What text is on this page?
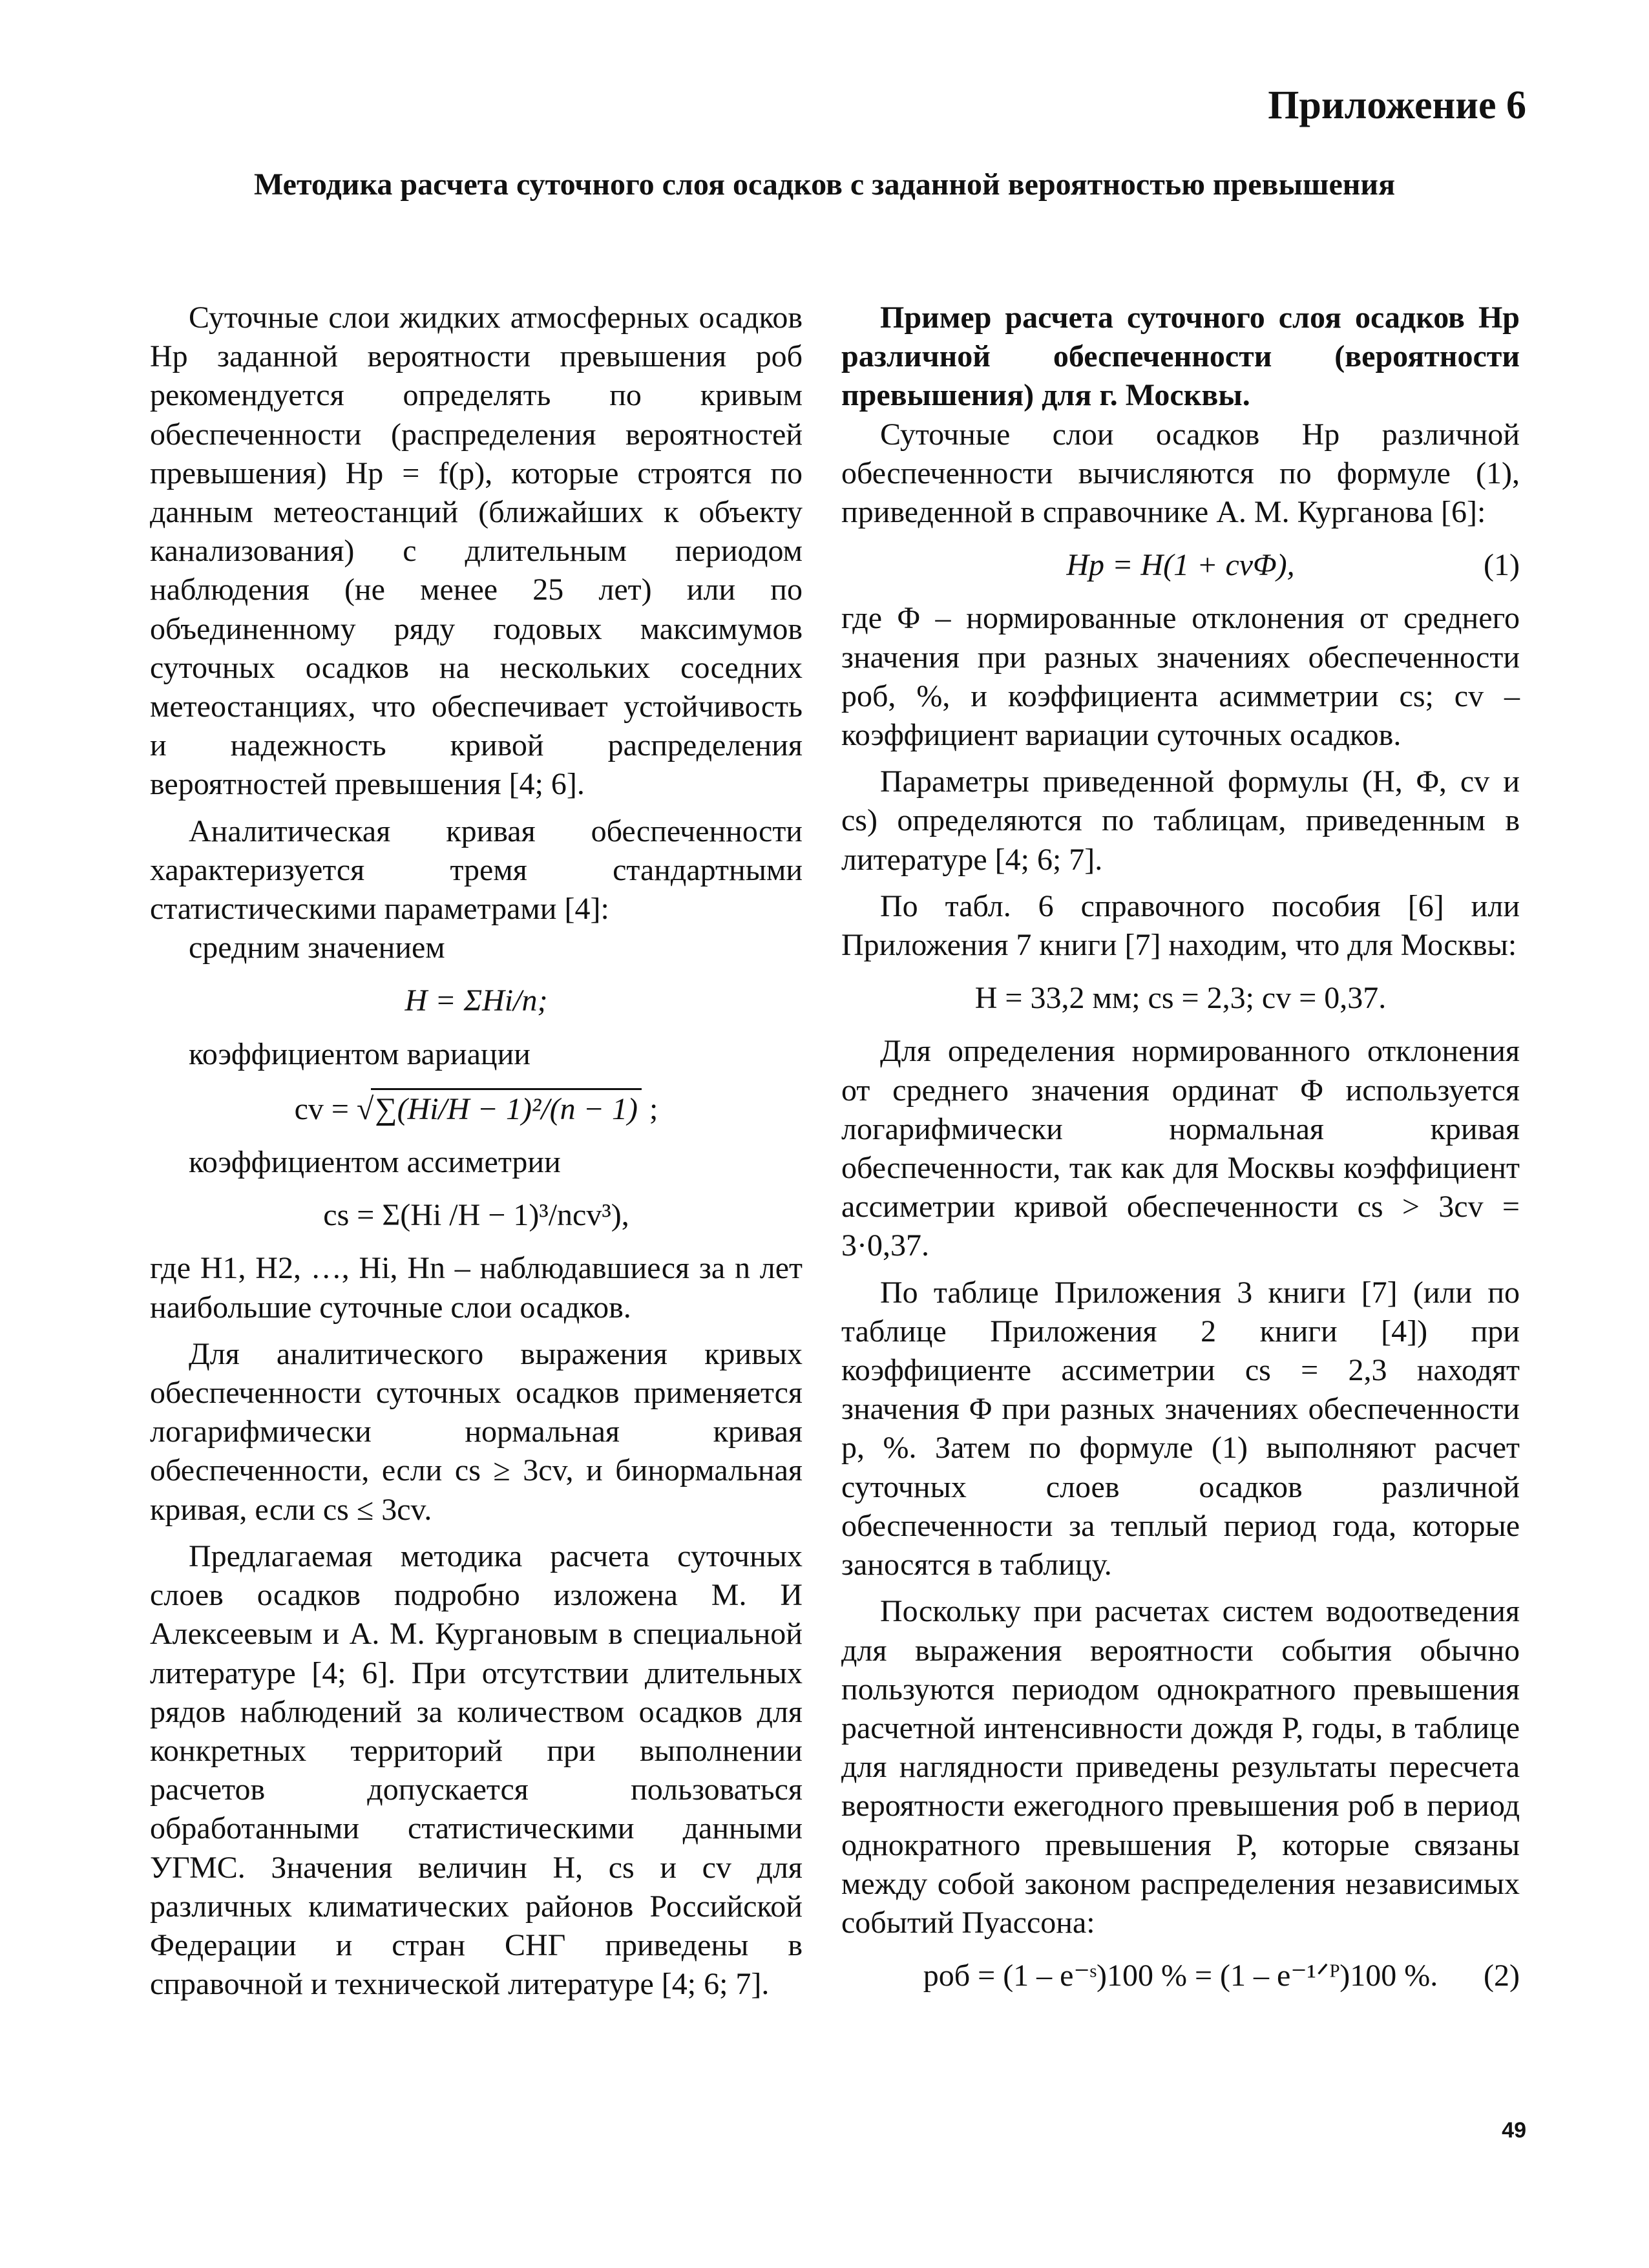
Приложение 6
Методика расчета суточного слоя осадков с заданной вероятностью превышения

Суточные слои жидких атмосферных осадков Hp заданной вероятности превышения pоб рекомендуется определять по кривым обеспеченности (распределения вероятностей превышения) Hp = f(p), которые строятся по данным метеостанций (ближайших к объекту канализования) с длительным периодом наблюдения (не менее 25 лет) или по объединенному ряду годовых максимумов суточных осадков на нескольких соседних метеостанциях, что обеспечивает устойчивость и надежность кривой распределения вероятностей превышения [4; 6].

Аналитическая кривая обеспеченности характеризуется тремя стандартными статистическими параметрами [4]:

средним значением

H = ΣHi/n;

коэффициентом вариации

cv = √∑(Hi/H − 1)²/(n − 1) ;

коэффициентом ассиметрии

cs = Σ(Hi /H − 1)³/ncv³),

где H1, H2, …, Hi, Hn – наблюдавшиеся за n лет наибольшие суточные слои осадков.

Для аналитического выражения кривых обеспеченности суточных осадков применяется логарифмически нормальная кривая обеспеченности, если cs ≥ 3cv, и бинормальная кривая, если cs ≤ 3cv.

Предлагаемая методика расчета суточных слоев осадков подробно изложена М. И Алексеевым и А. М. Кургановым в специальной литературе [4; 6]. При отсутствии длительных рядов наблюдений за количеством осадков для конкретных территорий при выполнении расчетов допускается пользоваться обработанными статистическими данными УГМС. Значения величин H, cs и cv для различных климатических районов Российской Федерации и стран СНГ приведены в справочной и технической литературе [4; 6; 7].

Пример расчета суточного слоя осадков Hp различной обеспеченности (вероятности превышения) для г. Москвы.

Суточные слои осадков Hp различной обеспеченности вычисляются по формуле (1), приведенной в справочнике А. М. Курганова [6]:

Hp = H(1 + cvΦ),	(1)

где Φ – нормированные отклонения от среднего значения при разных значениях обеспеченности pоб, %, и коэффициента асимметрии cs; cv – коэффициент вариации суточных осадков.

Параметры приведенной формулы (H, Φ, cv и cs) определяются по таблицам, приведенным в литературе [4; 6; 7].

По табл. 6 справочного пособия [6] или Приложения 7 книги [7] находим, что для Москвы:

H = 33,2 мм; cs = 2,3; cv = 0,37.

Для определения нормированного отклонения от среднего значения ординат Φ используется логарифмически нормальная кривая обеспеченности, так как для Москвы коэффициент ассиметрии кривой обеспеченности cs > 3cv = 3·0,37.

По таблице Приложения 3 книги [7] (или по таблице Приложения 2 книги [4]) при коэффициенте ассиметрии cs = 2,3 находят значения Φ при разных значениях обеспеченности p, %. Затем по формуле (1) выполняют расчет суточных слоев осадков различной обеспеченности за теплый период года, которые заносятся в таблицу.

Поскольку при расчетах систем водоотведения для выражения вероятности события обычно пользуются периодом однократного превышения расчетной интенсивности дождя P, годы, в таблице для наглядности приведены результаты пересчета вероятности ежегодного превышения pоб в период однократного превышения P, которые связаны между собой законом распределения независимых событий Пуассона:

pоб = (1 – e⁻ˢ)100 % = (1 – e⁻¹ᐟᴾ)100 %. (2)

49
